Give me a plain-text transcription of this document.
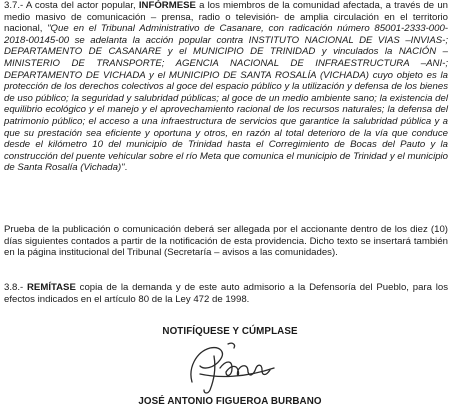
3.7.- A costa del actor popular, INFÓRMESE a los miembros de la comunidad afectada, a través de un medio masivo de comunicación – prensa, radio o televisión- de amplia circulación en el territorio nacional, "Que en el Tribunal Administrativo de Casanare, con radicación número 85001-2333-000-2018-00145-00 se adelanta la acción popular contra INSTITUTO NACIONAL DE VIAS –INVIAS-; DEPARTAMENTO DE CASANARE y el MUNICIPIO DE TRINIDAD y vinculados la NACIÓN – MINISTERIO DE TRANSPORTE; AGENCIA NACIONAL DE INFRAESTRUCTURA –ANI-; DEPARTAMENTO DE VICHADA y el MUNICIPIO DE SANTA ROSALÍA (VICHADA) cuyo objeto es la protección de los derechos colectivos al goce del espacio público y la utilización y defensa de los bienes de uso público; la seguridad y salubridad públicas; al goce de un medio ambiente sano; la existencia del equilibrio ecológico y el manejo y el aprovechamiento racional de los recursos naturales; la defensa del patrimonio público; el acceso a una infraestructura de servicios que garantice la salubridad pública y a que su prestación sea eficiente y oportuna y otros, en razón al total deterioro de la vía que conduce desde el kilómetro 10 del municipio de Trinidad hasta el Corregimiento de Bocas del Pauto y la construcción del puente vehicular sobre el río Meta que comunica el municipio de Trinidad y el municipio de Santa Rosalía (Vichada)".

Prueba de la publicación o comunicación deberá ser allegada por el accionante dentro de los diez (10) días siguientes contados a partir de la notificación de esta providencia. Dicho texto se insertará también en la página institucional del Tribunal (Secretaría – avisos a las comunidades).

3.8.- REMÍTASE copia de la demanda y de este auto admisorio a la Defensoría del Pueblo, para los efectos indicados en el artículo 80 de la Ley 472 de 1998.

NOTIFÍQUESE Y CÚMPLASE
JOSÉ ANTONIO FIGUEROA BURBANO
